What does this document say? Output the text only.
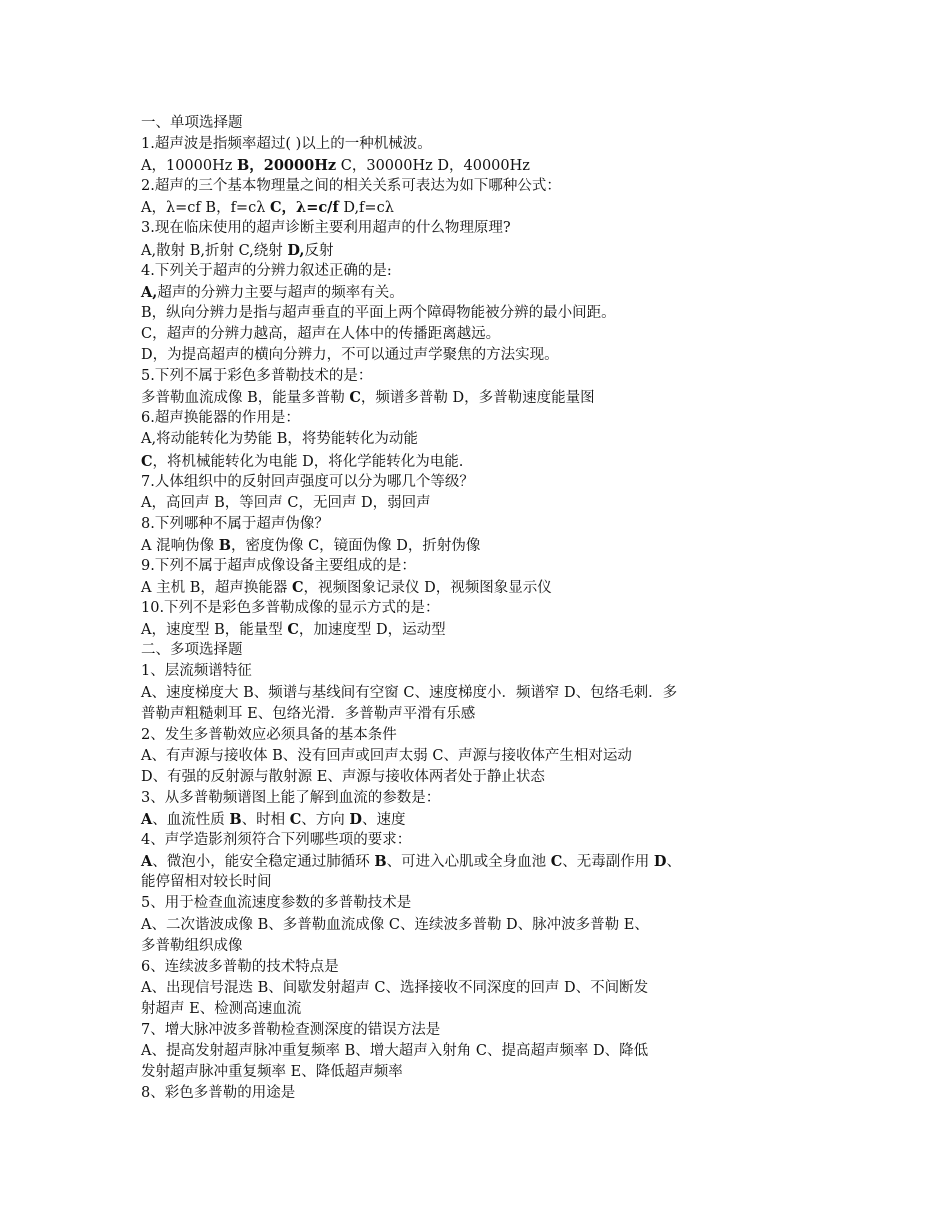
一、单项选择题
1.超声波是指频率超过( )以上的一种机械波。
A，10000Hz B，20000Hz C，30000Hz D，40000Hz
2.超声的三个基本物理量之间的相关关系可表达为如下哪种公式：
A，λ=cf B，f=cλ C，λ=c/f D,f=cλ
3.现在临床使用的超声诊断主要利用超声的什么物理原理?
A,散射 B,折射 C,绕射 D,反射
4.下列关于超声的分辨力叙述正确的是:
A,超声的分辨力主要与超声的频率有关。
B，纵向分辨力是指与超声垂直的平面上两个障碍物能被分辨的最小间距。
C，超声的分辨力越高，超声在人体中的传播距离越远。
D，为提高超声的横向分辨力，不可以通过声学聚焦的方法实现。
5.下列不属于彩色多普勒技术的是：
多普勒血流成像 B，能量多普勒 C，频谱多普勒 D，多普勒速度能量图
6.超声换能器的作用是：
A,将动能转化为势能 B，将势能转化为动能
C，将机械能转化为电能 D，将化学能转化为电能.
7.人体组织中的反射回声强度可以分为哪几个等级？
A，高回声 B，等回声 C，无回声 D，弱回声
8.下列哪种不属于超声伪像？
A 混响伪像 B，密度伪像 C，镜面伪像 D，折射伪像
9.下列不属于超声成像设备主要组成的是：
A 主机 B，超声换能器 C，视频图象记录仪 D，视频图象显示仪
10.下列不是彩色多普勒成像的显示方式的是：
A，速度型 B，能量型 C，加速度型 D，运动型
二、多项选择题
1、层流频谱特征
A、速度梯度大 B、频谱与基线间有空窗 C、速度梯度小．频谱窄 D、包络毛刺．多
普勒声粗糙刺耳 E、包络光滑．多普勒声平滑有乐感
2、发生多普勒效应必须具备的基本条件
A、有声源与接收体 B、没有回声或回声太弱 C、声源与接收体产生相对运动
D、有强的反射源与散射源 E、声源与接收体两者处于静止状态
3、从多普勒频谱图上能了解到血流的参数是：
A、血流性质 B、时相 C、方向 D、速度
4、声学造影剂须符合下列哪些项的要求：
A、微泡小，能安全稳定通过肺循环 B、可进入心肌或全身血池 C、无毒副作用 D、
能停留相对较长时间
5、用于检查血流速度参数的多普勒技术是
A、二次谐波成像 B、多普勒血流成像 C、连续波多普勒 D、脉冲波多普勒 E、
多普勒组织成像
6、连续波多普勒的技术特点是
A、出现信号混迭 B、间歇发射超声 C、选择接收不同深度的回声 D、不间断发
射超声 E、检测高速血流
7、增大脉冲波多普勒检查测深度的错误方法是
A、提高发射超声脉冲重复频率 B、增大超声入射角 C、提高超声频率 D、降低
发射超声脉冲重复频率 E、降低超声频率
8、彩色多普勒的用途是
